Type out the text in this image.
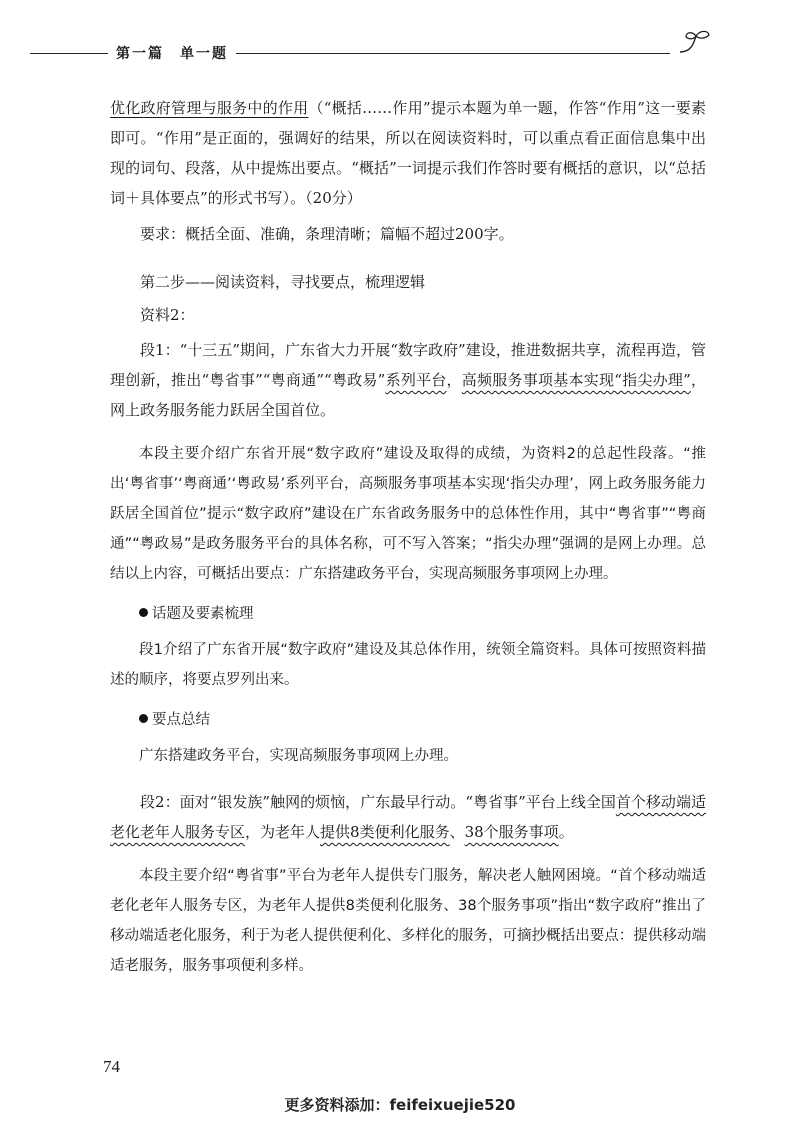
第一篇　单一题

优化政府管理与服务中的作用（“概括……作用”提示本题为单一题，作答“作用”这一要素即可。“作用”是正面的，强调好的结果，所以在阅读资料时，可以重点看正面信息集中出现的词句、段落，从中提炼出要点。“概括”一词提示我们作答时要有概括的意识，以“总括词＋具体要点”的形式书写）。（20分）

要求：概括全面、准确，条理清晰；篇幅不超过200字。

第二步——阅读资料，寻找要点，梳理逻辑

资料2：

段1：“十三五”期间，广东省大力开展“数字政府”建设，推进数据共享，流程再造，管理创新，推出“粤省事”“粤商通”“粤政易”系列平台，高频服务事项基本实现“指尖办理”，网上政务服务能力跃居全国首位。

本段主要介绍广东省开展“数字政府”建设及取得的成绩，为资料2的总起性段落。“推出‘粤省事’‘粤商通’‘粤政易’系列平台，高频服务事项基本实现‘指尖办理’，网上政务服务能力跃居全国首位”提示“数字政府”建设在广东省政务服务中的总体性作用，其中“粤省事”“粤商通”“粤政易”是政务服务平台的具体名称，可不写入答案；“指尖办理”强调的是网上办理。总结以上内容，可概括出要点：广东搭建政务平台，实现高频服务事项网上办理。

话题及要素梳理

段1介绍了广东省开展“数字政府”建设及其总体作用，统领全篇资料。具体可按照资料描述的顺序，将要点罗列出来。

要点总结

广东搭建政务平台，实现高频服务事项网上办理。

段2：面对“银发族”触网的烦恼，广东最早行动。“粤省事”平台上线全国首个移动端适老化老年人服务专区，为老年人提供8类便利化服务、38个服务事项。

本段主要介绍“粤省事”平台为老年人提供专门服务，解决老人触网困境。“首个移动端适老化老年人服务专区，为老年人提供8类便利化服务、38个服务事项”指出“数字政府”推出了移动端适老化服务，利于为老人提供便利化、多样化的服务，可摘抄概括出要点：提供移动端适老服务，服务事项便利多样。

74
更多资料添加：feifeixuejie520
